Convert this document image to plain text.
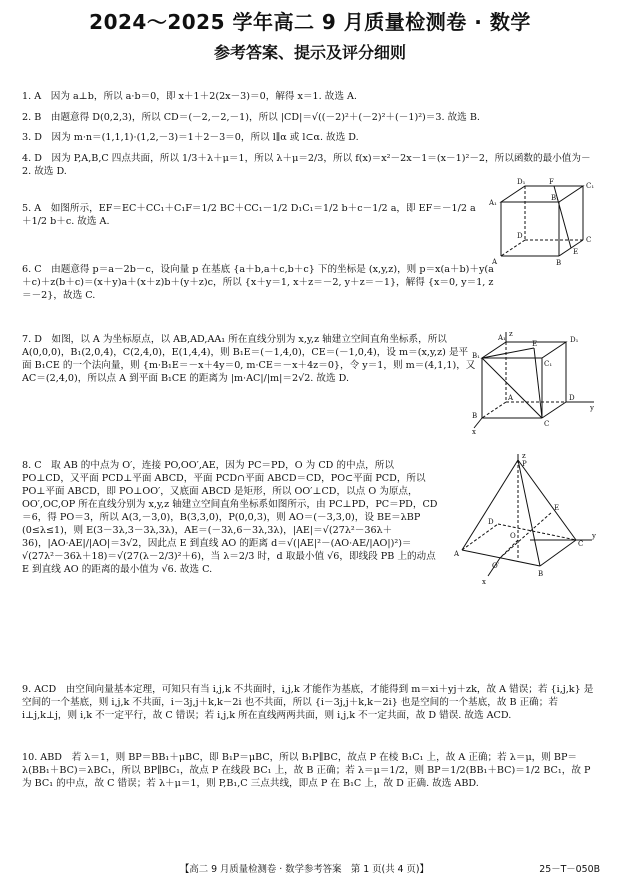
2024～2025 学年高二 9 月质量检测卷 · 数学
参考答案、提示及评分细则
1. A　因为 a⊥b，所以 a·b＝0，即 x＋1＋2(2x－3)＝0，解得 x＝1. 故选 A.
2. B　由题意得 D(0,2,3)，所以 CD＝(－2,－2,－1)，所以 |CD|＝√((－2)²＋(－2)²＋(－1)²)＝3. 故选 B.
3. D　因为 m·n＝(1,1,1)·(1,2,－3)＝1＋2－3＝0，所以 l∥α 或 l⊂α. 故选 D.
4. D　因为 P,A,B,C 四点共面，所以 1/3＋λ＋μ＝1，所以 λ＋μ＝2/3，所以 f(x)＝x²－2x－1＝(x－1)²－2，所以函数的最小值为－2. 故选 D.
5. A　如图所示，EF＝EC＋CC₁＋C₁F＝1/2 BC＋CC₁－1/2 D₁C₁＝1/2 b＋c－1/2 a，即 EF＝－1/2 a＋1/2 b＋c. 故选 A.
D₁	F	C₁
A₁
B₁
D
E
C
A	B
6. C　由题意得 p＝a－2b－c，设向量 p 在基底 {a＋b,a＋c,b＋c} 下的坐标是 (x,y,z)，则 p＝x(a＋b)＋y(a＋c)＋z(b＋c)＝(x＋y)a＋(x＋z)b＋(y＋z)c，所以 {x＋y＝1, x＋z＝－2, y＋z＝－1}，解得 {x＝0, y＝1, z＝－2}，故选 C.
7. D　如图，以 A 为坐标原点，以 AB,AD,AA₁ 所在直线分别为 x,y,z 轴建立空间直角坐标系，所以 A(0,0,0)，B₁(2,0,4)，C(2,4,0)，E(1,4,4)，则 B₁E＝(－1,4,0)，CE＝(－1,0,4)，设 m＝(x,y,z) 是平面 B₁CE 的一个法向量，则 {m·B₁E＝－x＋4y＝0, m·CE＝－x＋4z＝0}，令 y＝1，则 m＝(4,1,1)，又 AC＝(2,4,0)，所以点 A 到平面 B₁CE 的距离为 |m·AC|/|m|＝2√2. 故选 D.
z
D₁
A₁
B₁
E
C₁
D
y
A
B
C
x
8. C　取 AB 的中点为 O′，连接 PO,OO′,AE，因为 PC＝PD，O 为 CD 的中点，所以 PO⊥CD，又平面 PCD⊥平面 ABCD，平面 PCD∩平面 ABCD＝CD，PO⊂平面 PCD，所以 PO⊥平面 ABCD，即 PO⊥OO′，又底面 ABCD 是矩形，所以 OO′⊥CD，以点 O 为原点，OO′,OC,OP 所在直线分别为 x,y,z 轴建立空间直角坐标系如图所示，由 PC⊥PD，PC＝PD，CD＝6，得 PO＝3，所以 A(3,－3,0)，B(3,3,0)，P(0,0,3)，则 AO＝(－3,3,0)，设 BE＝λBP (0≤λ≤1)，则 E(3－3λ,3－3λ,3λ)，AE＝(－3λ,6－3λ,3λ)，|AE|＝√(27λ²－36λ＋36)，|AO·AE|/|AO|＝3√2，因此点 E 到直线 AO 的距离 d＝√(|AE|²－(AO·AE/|AO|)²)＝√(27λ²－36λ＋18)＝√(27(λ－2/3)²＋6)，当 λ＝2/3 时，d 取最小值 √6，即线段 PB 上的动点 E 到直线 AO 的距离的最小值为 √6. 故选 C.
z
P
E
D
O
C
y
A
O′
B
x
9. ACD　由空间向量基本定理，可知只有当 i,j,k 不共面时，i,j,k 才能作为基底，才能得到 m＝xi＋yj＋zk，故 A 错误；若 {i,j,k} 是空间的一个基底，则 i,j,k 不共面，i－3j,j＋k,k－2i 也不共面，所以 {i－3j,j＋k,k－2i} 也是空间的一个基底，故 B 正确；若 i⊥j,k⊥j，则 i,k 不一定平行，故 C 错误；若 i,j,k 所在直线两两共面，则 i,j,k 不一定共面，故 D 错误. 故选 ACD.
10. ABD　若 λ＝1，则 BP＝BB₁＋μBC，即 B₁P＝μBC，所以 B₁P∥BC，故点 P 在棱 B₁C₁ 上，故 A 正确；若 λ＝μ，则 BP＝λ(BB₁＋BC)＝λBC₁，所以 BP∥BC₁，故点 P 在线段 BC₁ 上，故 B 正确；若 λ＝μ＝1/2，则 BP＝1/2(BB₁＋BC)＝1/2 BC₁，故 P 为 BC₁ 的中点，故 C 错误；若 λ＋μ＝1，则 P,B₁,C 三点共线，即点 P 在 B₁C 上，故 D 正确. 故选 ABD.
【高二 9 月质量检测卷 · 数学参考答案　第 1 页(共 4 页)】	25－T－050B
